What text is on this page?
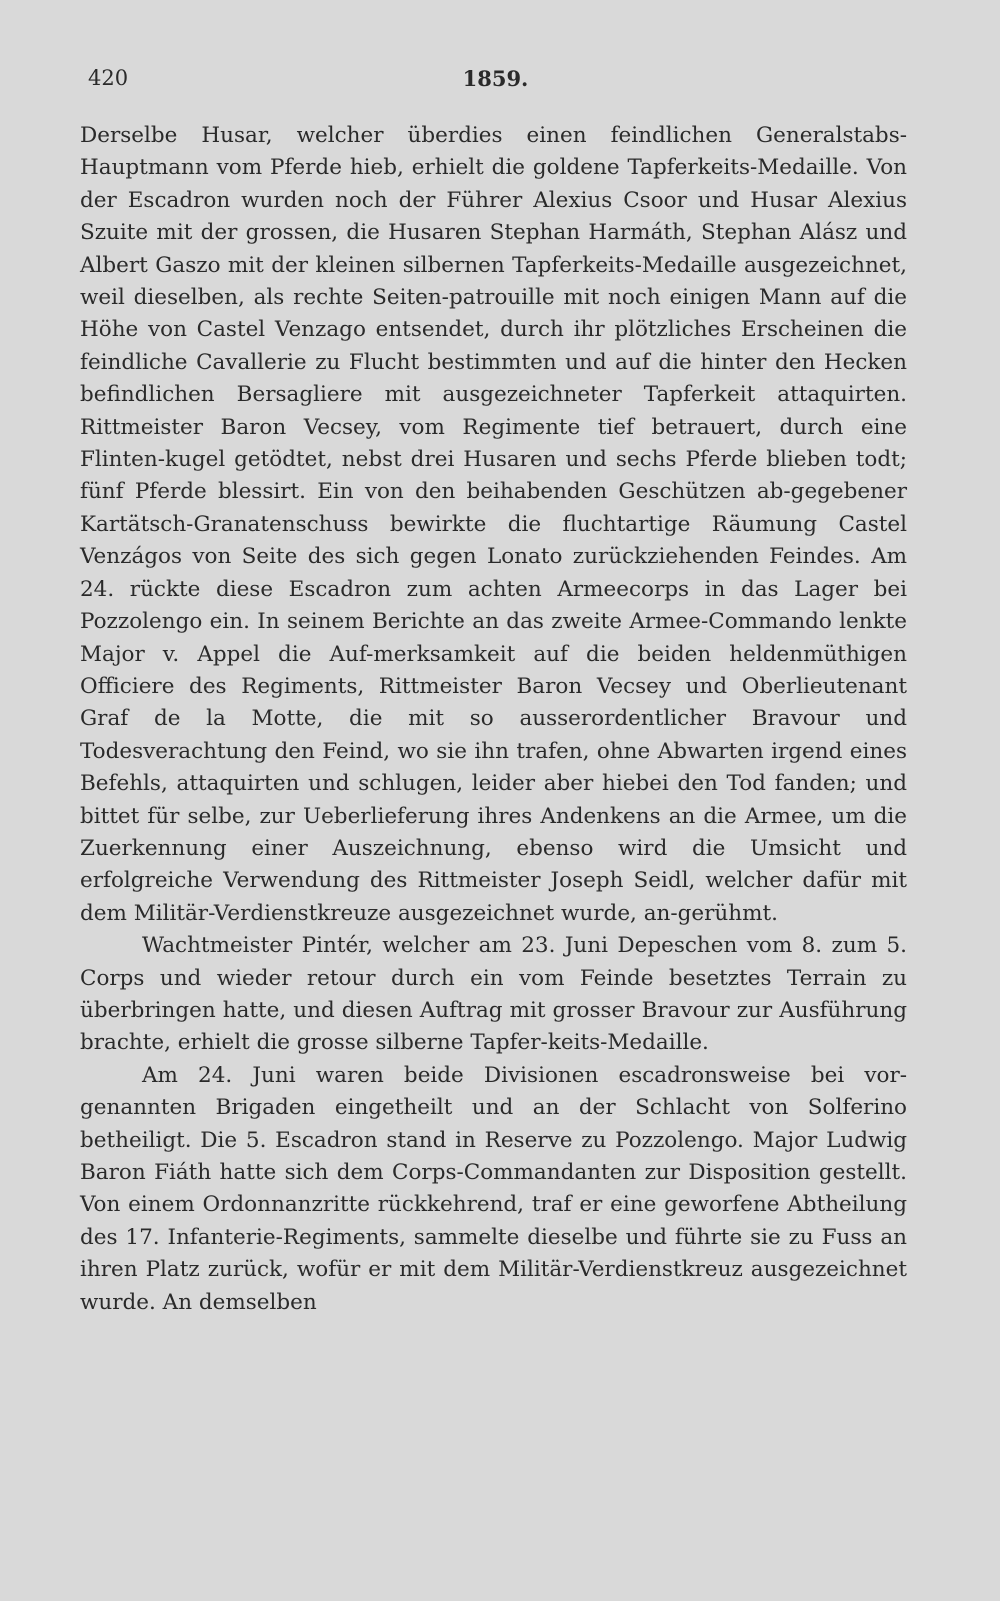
420	1859.

Derselbe Husar, welcher überdies einen feindlichen Generalstabs-Hauptmann vom Pferde hieb, erhielt die goldene Tapferkeits-Medaille. Von der Escadron wurden noch der Führer Alexius Csoor und Husar Alexius Szuite mit der grossen, die Husaren Stephan Harmáth, Stephan Alász und Albert Gaszo mit der kleinen silbernen Tapferkeits-Medaille ausgezeichnet, weil dieselben, als rechte Seiten-patrouille mit noch einigen Mann auf die Höhe von Castel Venzago entsendet, durch ihr plötzliches Erscheinen die feindliche Cavallerie zu Flucht bestimmten und auf die hinter den Hecken befindlichen Bersagliere mit ausgezeichneter Tapferkeit attaquirten. Rittmeister Baron Vecsey, vom Regimente tief betrauert, durch eine Flinten-kugel getödtet, nebst drei Husaren und sechs Pferde blieben todt; fünf Pferde blessirt. Ein von den beihabenden Geschützen ab-gegebener Kartätsch-Granatenschuss bewirkte die fluchtartige Räumung Castel Venzágos von Seite des sich gegen Lonato zurückziehenden Feindes. Am 24. rückte diese Escadron zum achten Armeecorps in das Lager bei Pozzolengo ein. In seinem Berichte an das zweite Armee-Commando lenkte Major v. Appel die Auf-merksamkeit auf die beiden heldenmüthigen Officiere des Regiments, Rittmeister Baron Vecsey und Oberlieutenant Graf de la Motte, die mit so ausserordentlicher Bravour und Todesverachtung den Feind, wo sie ihn trafen, ohne Abwarten irgend eines Befehls, attaquirten und schlugen, leider aber hiebei den Tod fanden; und bittet für selbe, zur Ueberlieferung ihres Andenkens an die Armee, um die Zuerkennung einer Auszeichnung, ebenso wird die Umsicht und erfolgreiche Verwendung des Rittmeister Joseph Seidl, welcher dafür mit dem Militär-Verdienstkreuze ausgezeichnet wurde, an-gerühmt.

Wachtmeister Pintér, welcher am 23. Juni Depeschen vom 8. zum 5. Corps und wieder retour durch ein vom Feinde besetztes Terrain zu überbringen hatte, und diesen Auftrag mit grosser Bravour zur Ausführung brachte, erhielt die grosse silberne Tapfer-keits-Medaille.

Am 24. Juni waren beide Divisionen escadronsweise bei vor-genannten Brigaden eingetheilt und an der Schlacht von Solferino betheiligt. Die 5. Escadron stand in Reserve zu Pozzolengo. Major Ludwig Baron Fiáth hatte sich dem Corps-Commandanten zur Disposition gestellt. Von einem Ordonnanzritte rückkehrend, traf er eine geworfene Abtheilung des 17. Infanterie-Regiments, sammelte dieselbe und führte sie zu Fuss an ihren Platz zurück, wofür er mit dem Militär-Verdienstkreuz ausgezeichnet wurde. An demselben
